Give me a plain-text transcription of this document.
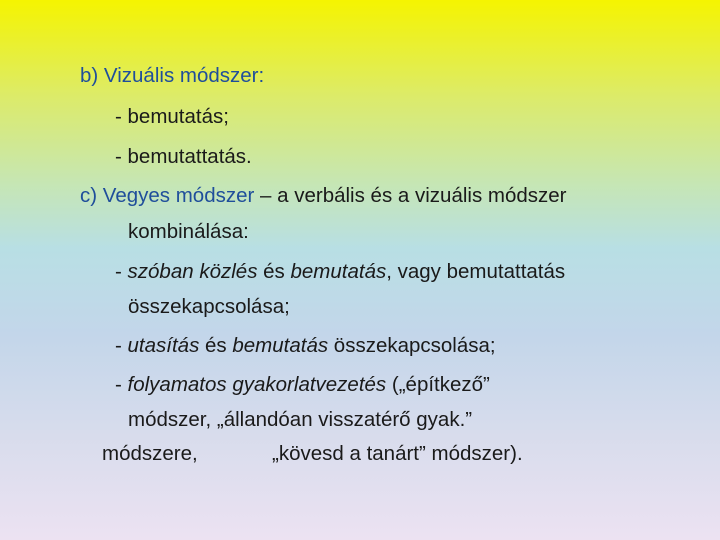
b) Vizuális módszer:
- bemutatás;
- bemutattatás.
c) Vegyes módszer – a verbális és a vizuális módszer
kombinálása:
- szóban közlés és bemutatás, vagy bemutattatás
összekapcsolása;
- utasítás és bemutatás összekapcsolása;
- folyamatos gyakorlatvezetés („építkező”
módszer, „állandóan visszatérő gyak.”
módszere,	„kövesd a tanárt” módszer).
